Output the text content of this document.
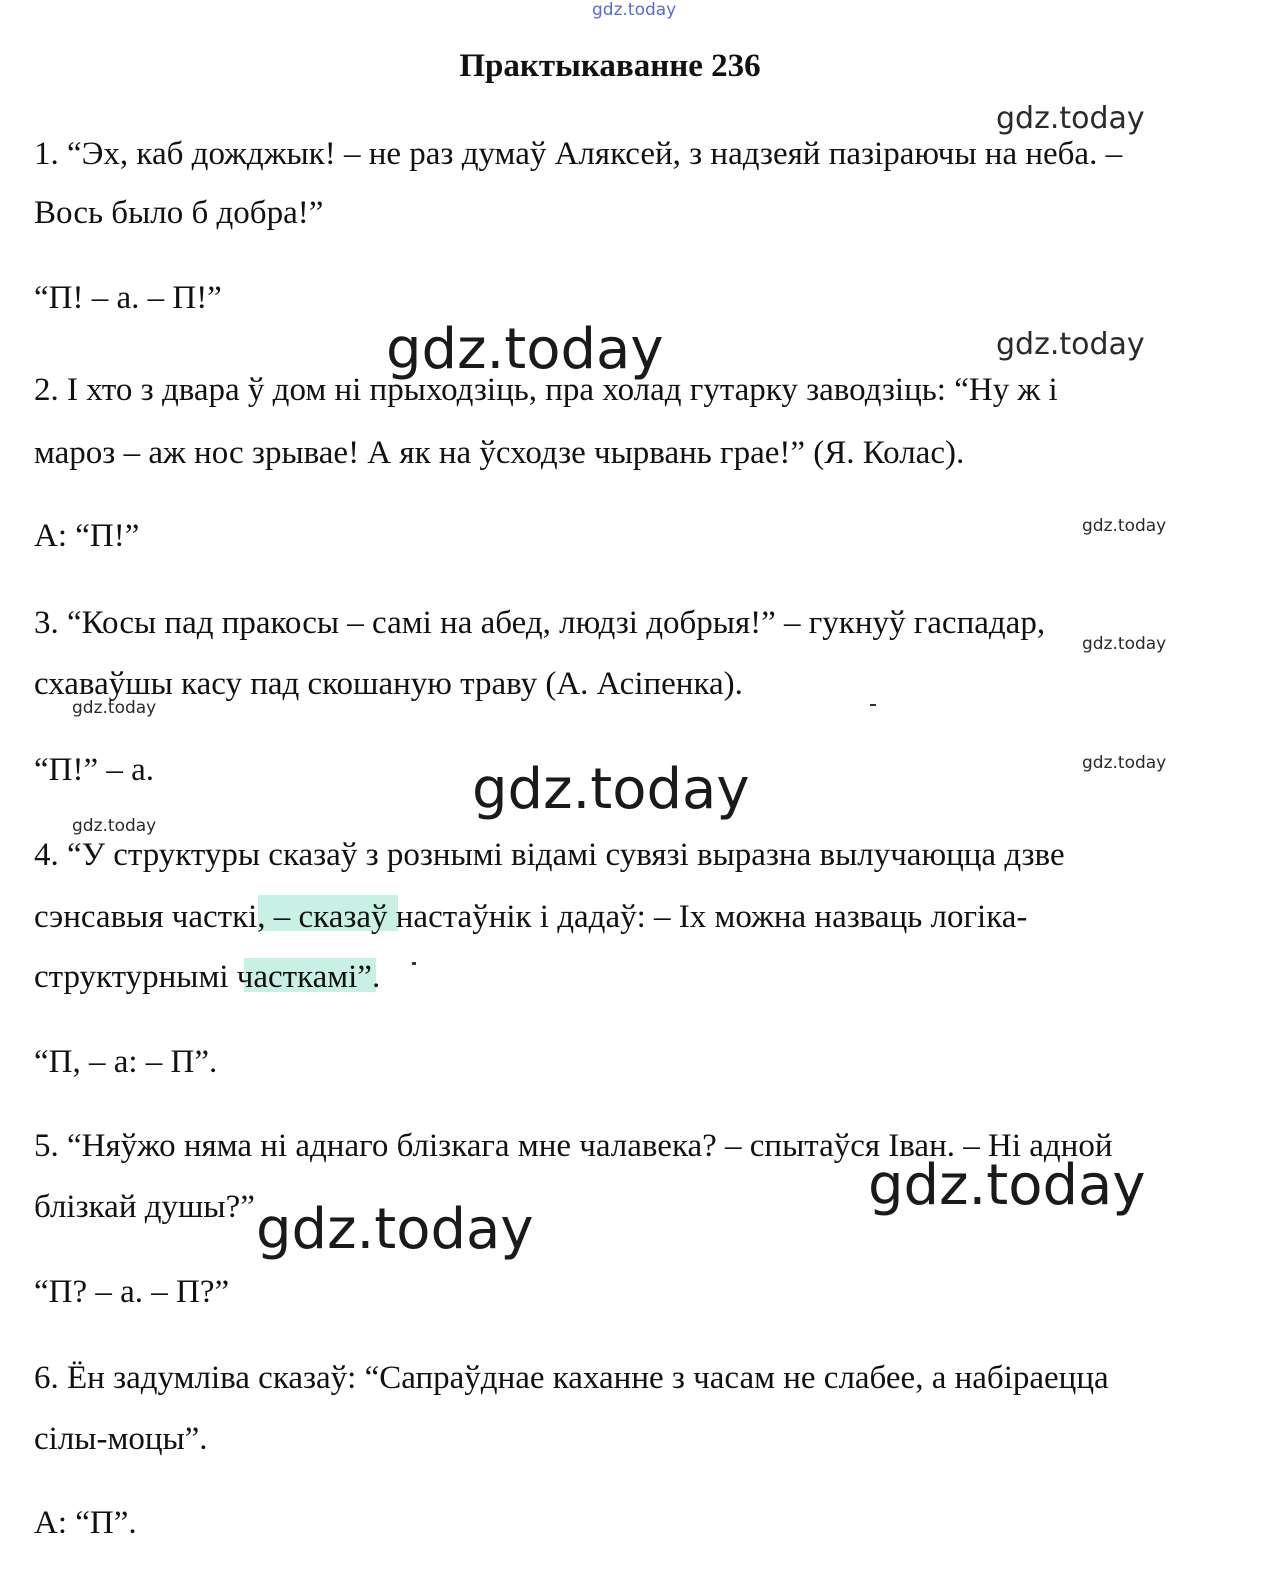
gdz.today
gdz.today
gdz.today
gdz.today
gdz.today
gdz.today
gdz.today
gdz.today
gdz.today
gdz.today
gdz.today
gdz.today
Практыкаванне 236
1. “Эх, каб дожджык! – не раз думаў Аляксей, з надзеяй пазіраючы на неба. –
Вось было б добра!”
“П! – а. – П!”
2. І хто з двара ў дом ні прыходзіць, пра холад гутарку заводзіць: “Ну ж і
мароз – аж нос зрывае! А як на ўсходзе чырвань грае!” (Я. Колас).
А: “П!”
3. “Косы пад пракосы – самі на абед, людзі добрыя!” – гукнуў гаспадар,
схаваўшы касу пад скошаную траву (А. Асіпенка).
“П!” – а.
4. “У структуры сказаў з рознымі відамі сувязі выразна вылучаюцца дзве
сэнсавыя часткі, – сказаў настаўнік і дадаў: – Іх можна назваць логіка-
структурнымі часткамі”.
“П, – а: – П”.
5. “Няўжо няма ні аднаго блізкага мне чалавека? – спытаўся Іван. – Ні адной
блізкай душы?”
“П? – а. – П?”
6. Ён задумліва сказаў: “Сапраўднае каханне з часам не слабее, а набіраецца
сілы-моцы”.
А: “П”.
